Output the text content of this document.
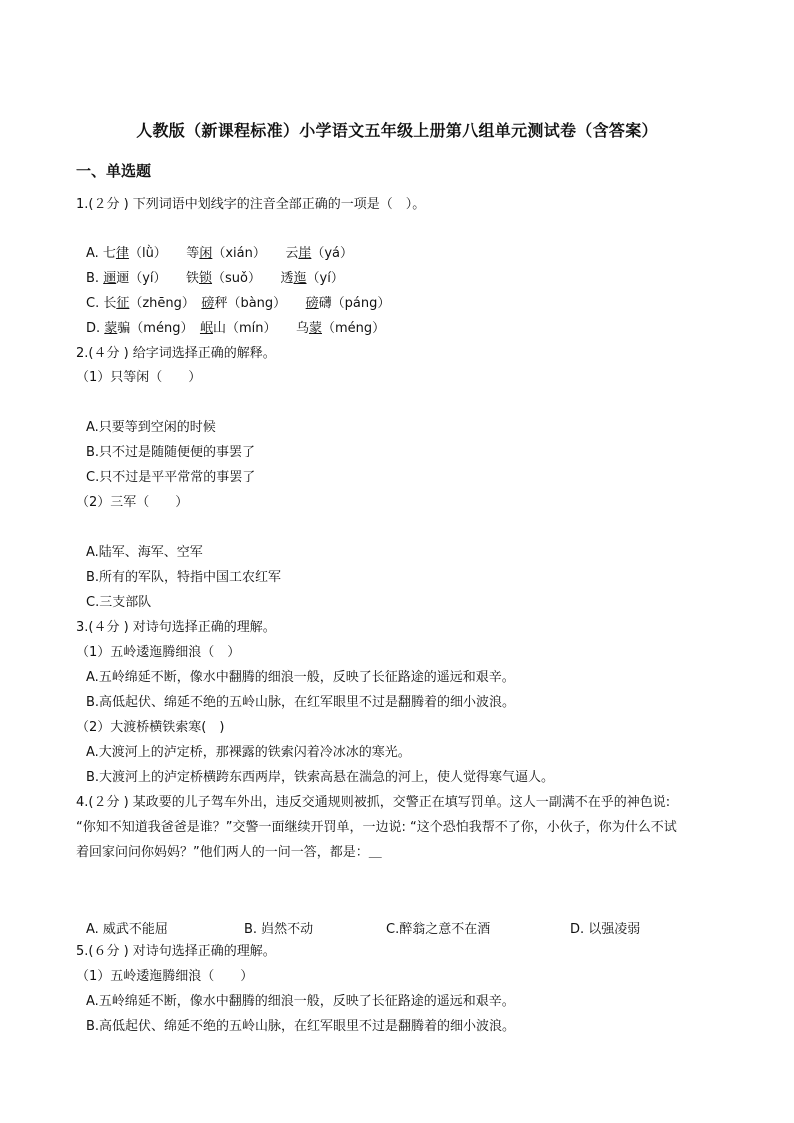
人教版（新课程标准）小学语文五年级上册第八组单元测试卷（含答案）
一、单选题
1.(２分 ) 下列词语中划线字的注音全部正确的一项是（　）。
A. 七律（lǜ）　　等闲（xián）　　云崖（yá）
B. 逦逦（yí）　　铁锁（suǒ）　　透迤（yí）
C. 长征（zhēng）　磅秤（bàng）　　磅礴（páng）
D. 蒙骗（méng）　岷山（mín）　　乌蒙（méng）
2.(４分 ) 给字词选择正确的解释。
（1）只等闲（　　）
A.只要等到空闲的时候
B.只不过是随随便便的事罢了
C.只不过是平平常常的事罢了
（2）三军（　　）
A.陆军、海军、空军
B.所有的军队，特指中国工农红军
C.三支部队
3.(４分 ) 对诗句选择正确的理解。
（1）五岭逶迤腾细浪（　）
A.五岭绵延不断，像水中翻腾的细浪一般，反映了长征路途的遥远和艰辛。
B.高低起伏、绵延不绝的五岭山脉，在红军眼里不过是翻腾着的细小波浪。
（2）大渡桥横铁索寒(　)
A.大渡河上的泸定桥，那裸露的铁索闪着冷冰冰的寒光。
B.大渡河上的泸定桥横跨东西两岸，铁索高悬在湍急的河上，使人觉得寒气逼人。
4.(２分 ) 某政要的儿子驾车外出，违反交通规则被抓，交警正在填写罚单。这人一副满不在乎的神色说:
“你知不知道我爸爸是谁？”交警一面继续开罚单，一边说: “这个恐怕我帮不了你，小伙子，你为什么不试
着回家问问你妈妈？”他们两人的一问一答，都是：＿
A. 威武不能屈	B. 岿然不动	C.醉翁之意不在酒	D. 以强凌弱
5.(６分 ) 对诗句选择正确的理解。
（1）五岭逶迤腾细浪（　　）
A.五岭绵延不断，像水中翻腾的细浪一般，反映了长征路途的遥远和艰辛。
B.高低起伏、绵延不绝的五岭山脉，在红军眼里不过是翻腾着的细小波浪。
